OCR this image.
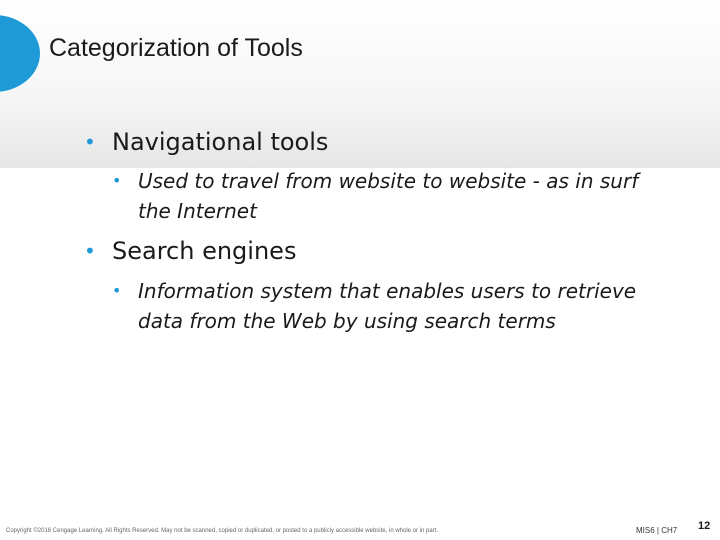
Categorization of Tools
• Navigational tools
• Used to travel from website to website - as in surf the Internet
• Search engines
• Information system that enables users to retrieve data from the Web by using search terms
Copyright ©2016 Cengage Learning. All Rights Reserved. May not be scanned, copied or duplicated, or posted to a publicly accessible website, in whole or in part.	MIS6 | CH7 12
